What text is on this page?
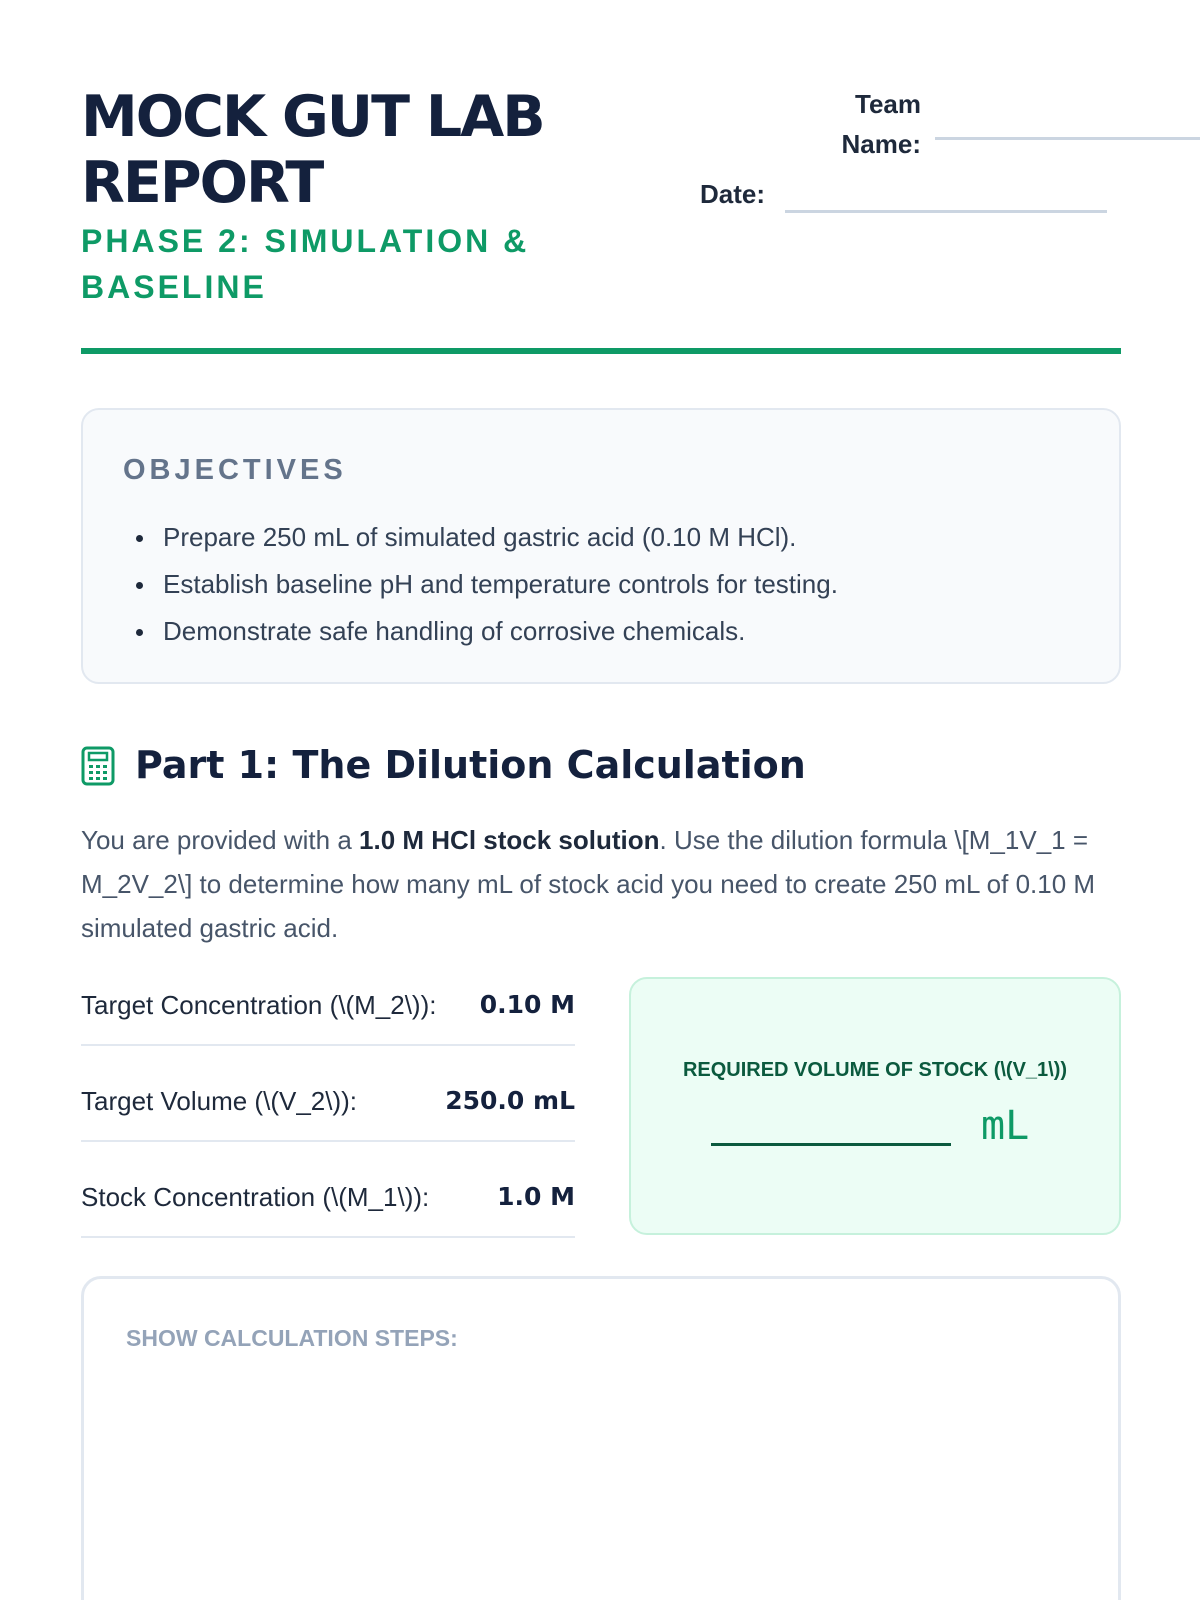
MOCK GUT LAB
REPORT
PHASE 2: SIMULATION &
BASELINE
Team
Name:
Date:
OBJECTIVES
Prepare 250 mL of simulated gastric acid (0.10 M HCl).
Establish baseline pH and temperature controls for testing.
Demonstrate safe handling of corrosive chemicals.
Part 1: The Dilution Calculation

You are provided with a 1.0 M HCl stock solution. Use the dilution formula \[M_1V_1 = M_2V_2\] to determine how many mL of stock acid you need to create 250 mL of 0.10 M simulated gastric acid.

Target Concentration (\(M_2\)): 0.10 M
Target Volume (\(V_2\)):	250.0 mL
Stock Concentration (\(M_1\)):	1.0 M
REQUIRED VOLUME OF STOCK (\(V_1\))
mL
SHOW CALCULATION STEPS:
